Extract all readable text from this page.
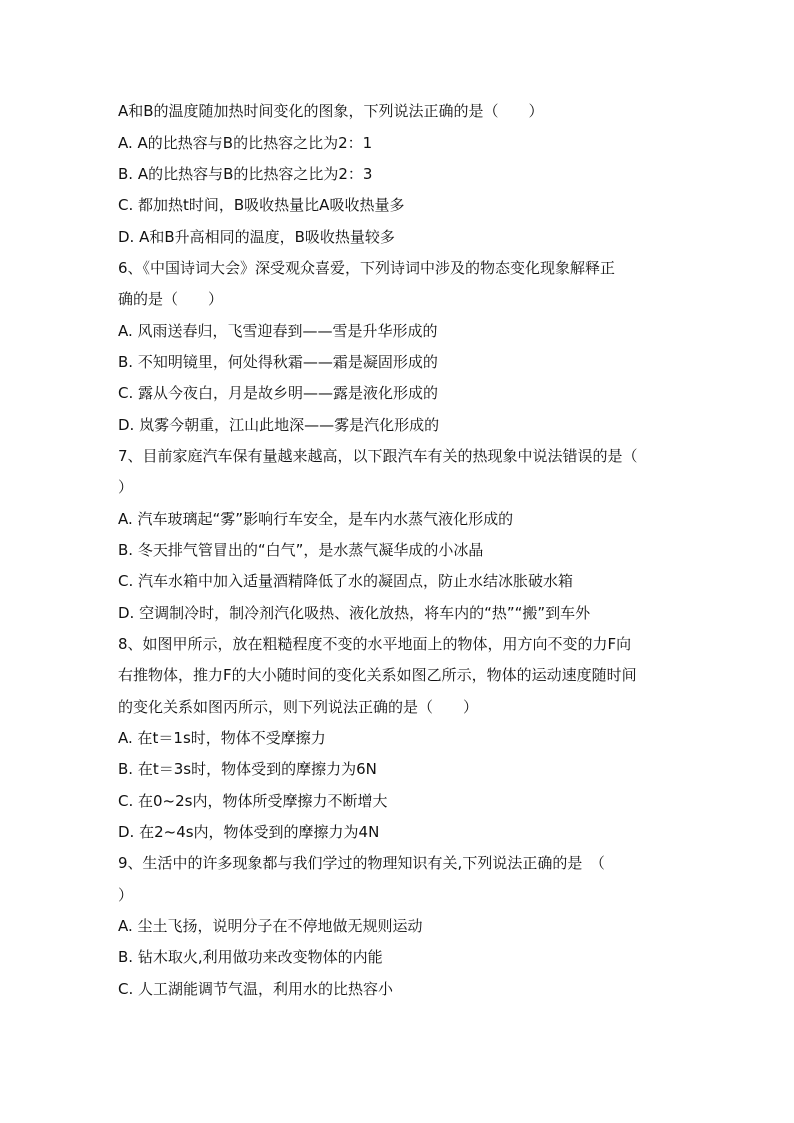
A和B的温度随加热时间变化的图象，下列说法正确的是（　　）
A. A的比热容与B的比热容之比为2：1
B. A的比热容与B的比热容之比为2：3
C. 都加热t时间，B吸收热量比A吸收热量多
D. A和B升高相同的温度，B吸收热量较多
6、《中国诗词大会》深受观众喜爱，下列诗词中涉及的物态变化现象解释正
确的是（　　）
A. 风雨送春归，飞雪迎春到——雪是升华形成的
B. 不知明镜里，何处得秋霜——霜是凝固形成的
C. 露从今夜白，月是故乡明——露是液化形成的
D. 岚雾今朝重，江山此地深——雾是汽化形成的
7、目前家庭汽车保有量越来越高，以下跟汽车有关的热现象中说法错误的是（
）
A. 汽车玻璃起“雾”影响行车安全，是车内水蒸气液化形成的
B. 冬天排气管冒出的“白气”，是水蒸气凝华成的小冰晶
C. 汽车水箱中加入适量酒精降低了水的凝固点，防止水结冰胀破水箱
D. 空调制冷时，制冷剂汽化吸热、液化放热，将车内的“热”“搬”到车外
8、如图甲所示，放在粗糙程度不变的水平地面上的物体，用方向不变的力F向
右推物体，推力F的大小随时间的变化关系如图乙所示，物体的运动速度随时间
的变化关系如图丙所示，则下列说法正确的是（　　）
A. 在t＝1s时，物体不受摩擦力
B. 在t＝3s时，物体受到的摩擦力为6N
C. 在0~2s内，物体所受摩擦力不断增大
D. 在2~4s内，物体受到的摩擦力为4N
9、生活中的许多现象都与我们学过的物理知识有关,下列说法正确的是　（
）
A. 尘土飞扬，说明分子在不停地做无规则运动
B. 钻木取火,利用做功来改变物体的内能
C. 人工湖能调节气温，利用水的比热容小
